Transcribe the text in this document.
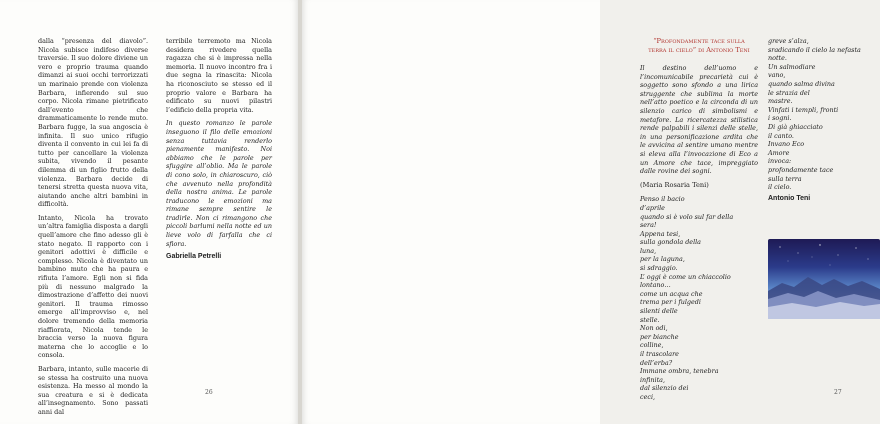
dalla “presenza del diavolo”. Nicola subisce indifeso diverse traversie. Il suo dolore diviene un vero e proprio trauma quando dimanzi ai suoi occhi terrorizzati un marinaio prende con violenza Barbara, infierendo sul suo corpo. Nicola rimane pietrificato dall’evento che drammaticamente lo rende muto. Barbara fugge, la sua angoscia è infinita. Il suo unico rifugio diventa il convento in cui lei fa di tutto per cancellare la violenza subita, vivendo il pesante dilemma di un figlio frutto della violenza. Barbara decide di tenersi stretta questa nuova vita, aiutando anche altri bambini in difficoltà.

Intanto, Nicola ha trovato un’altra famiglia disposta a dargli quell’amore che fino adesso gli è stato negato. Il rapporto con i genitori adottivi è difficile e complesso. Nicola è diventato un bambino muto che ha paura e rifiuta l’amore. Egli non si fida più di nessuno malgrado la dimostrazione d’affetto dei nuovi genitori. Il trauma rimosso emerge all’improvviso e, nel dolore tremendo della memoria riaffiorata, Nicola tende le braccia verso la nuova figura materna che lo accoglie e lo consola.

Barbara, intanto, sulle macerie di se stessa ha costruito una nuova esistenza. Ha messo al mondo la sua creatura e si è dedicata all’insegnamento. Sono passati anni dal

terribile terremoto ma Nicola desidera rivedere quella ragazza che si è impressa nella memoria. Il nuovo incontro fra i due segna la rinascita: Nicola ha riconosciuto se stesso ed il proprio valore e Barbara ha edificato su nuovi pilastri l’edificio della propria vita.

In questo romanzo le parole inseguono il filo delle emozioni senza tuttavia renderlo pienamente manifesto. Noi abbiamo che le parole per sfuggire all’oblio. Ma le parole di cono solo, in chiaroscuro, ciò che avvenuto nella profondità della nostra anima. Le parole traducono le emozioni ma rimane sempre sentire le tradirle. Non ci rimangono che piccoli barlumi nella notte ed un lieve volo di farfalla che ci sfiora.

Gabriella Petrelli
26
“Profondamente tace sulla
terra il cielo” di Antonio Teni

Il destino dell’uomo e l’incomunicabile precarietà cui è soggetto sono sfondo a una lirica struggente che sublima la morte nell’atto poetico e la circonda di un silenzio carico di simbolismi e metafore. La ricercatezza stilistica rende palpabili i silenzi delle stelle, in una personificazione ardita che le avvicina al sentire umano mentre si eleva alla l’invocazione di Eco a un Amore che tace, impreggiato dalle rovine dei sogni.

(Maria Rosaria Teni)
Penso il bacio
d’aprile
quando si è volo sul far della
sera!
Appena tesi,
sulla gondola della
luna,
per la laguna,
si sdraggio.
L’ oggi è come un chiaccolio
lontano…
come un acqua che
trema per i fulgedi
silenti delle
stelle.
Non odi,
per bianche
colline,
il trascolare
dell’erba?
Immane ombra, tenebra
infinita,
dal silenzio dei
ceci,
greve s’alza,
sradicando il cielo la nefasta
notte.
Un salmodiare
vano,
quando salma divina
le strazia del
mastre.
Vinfati i templi, fronti
i sogni.
Di già ghiacciato
il canto.
Invano Eco
Amore
invoca:
profondamente tace
sulla terra
il cielo.
Antonio Teni
27
